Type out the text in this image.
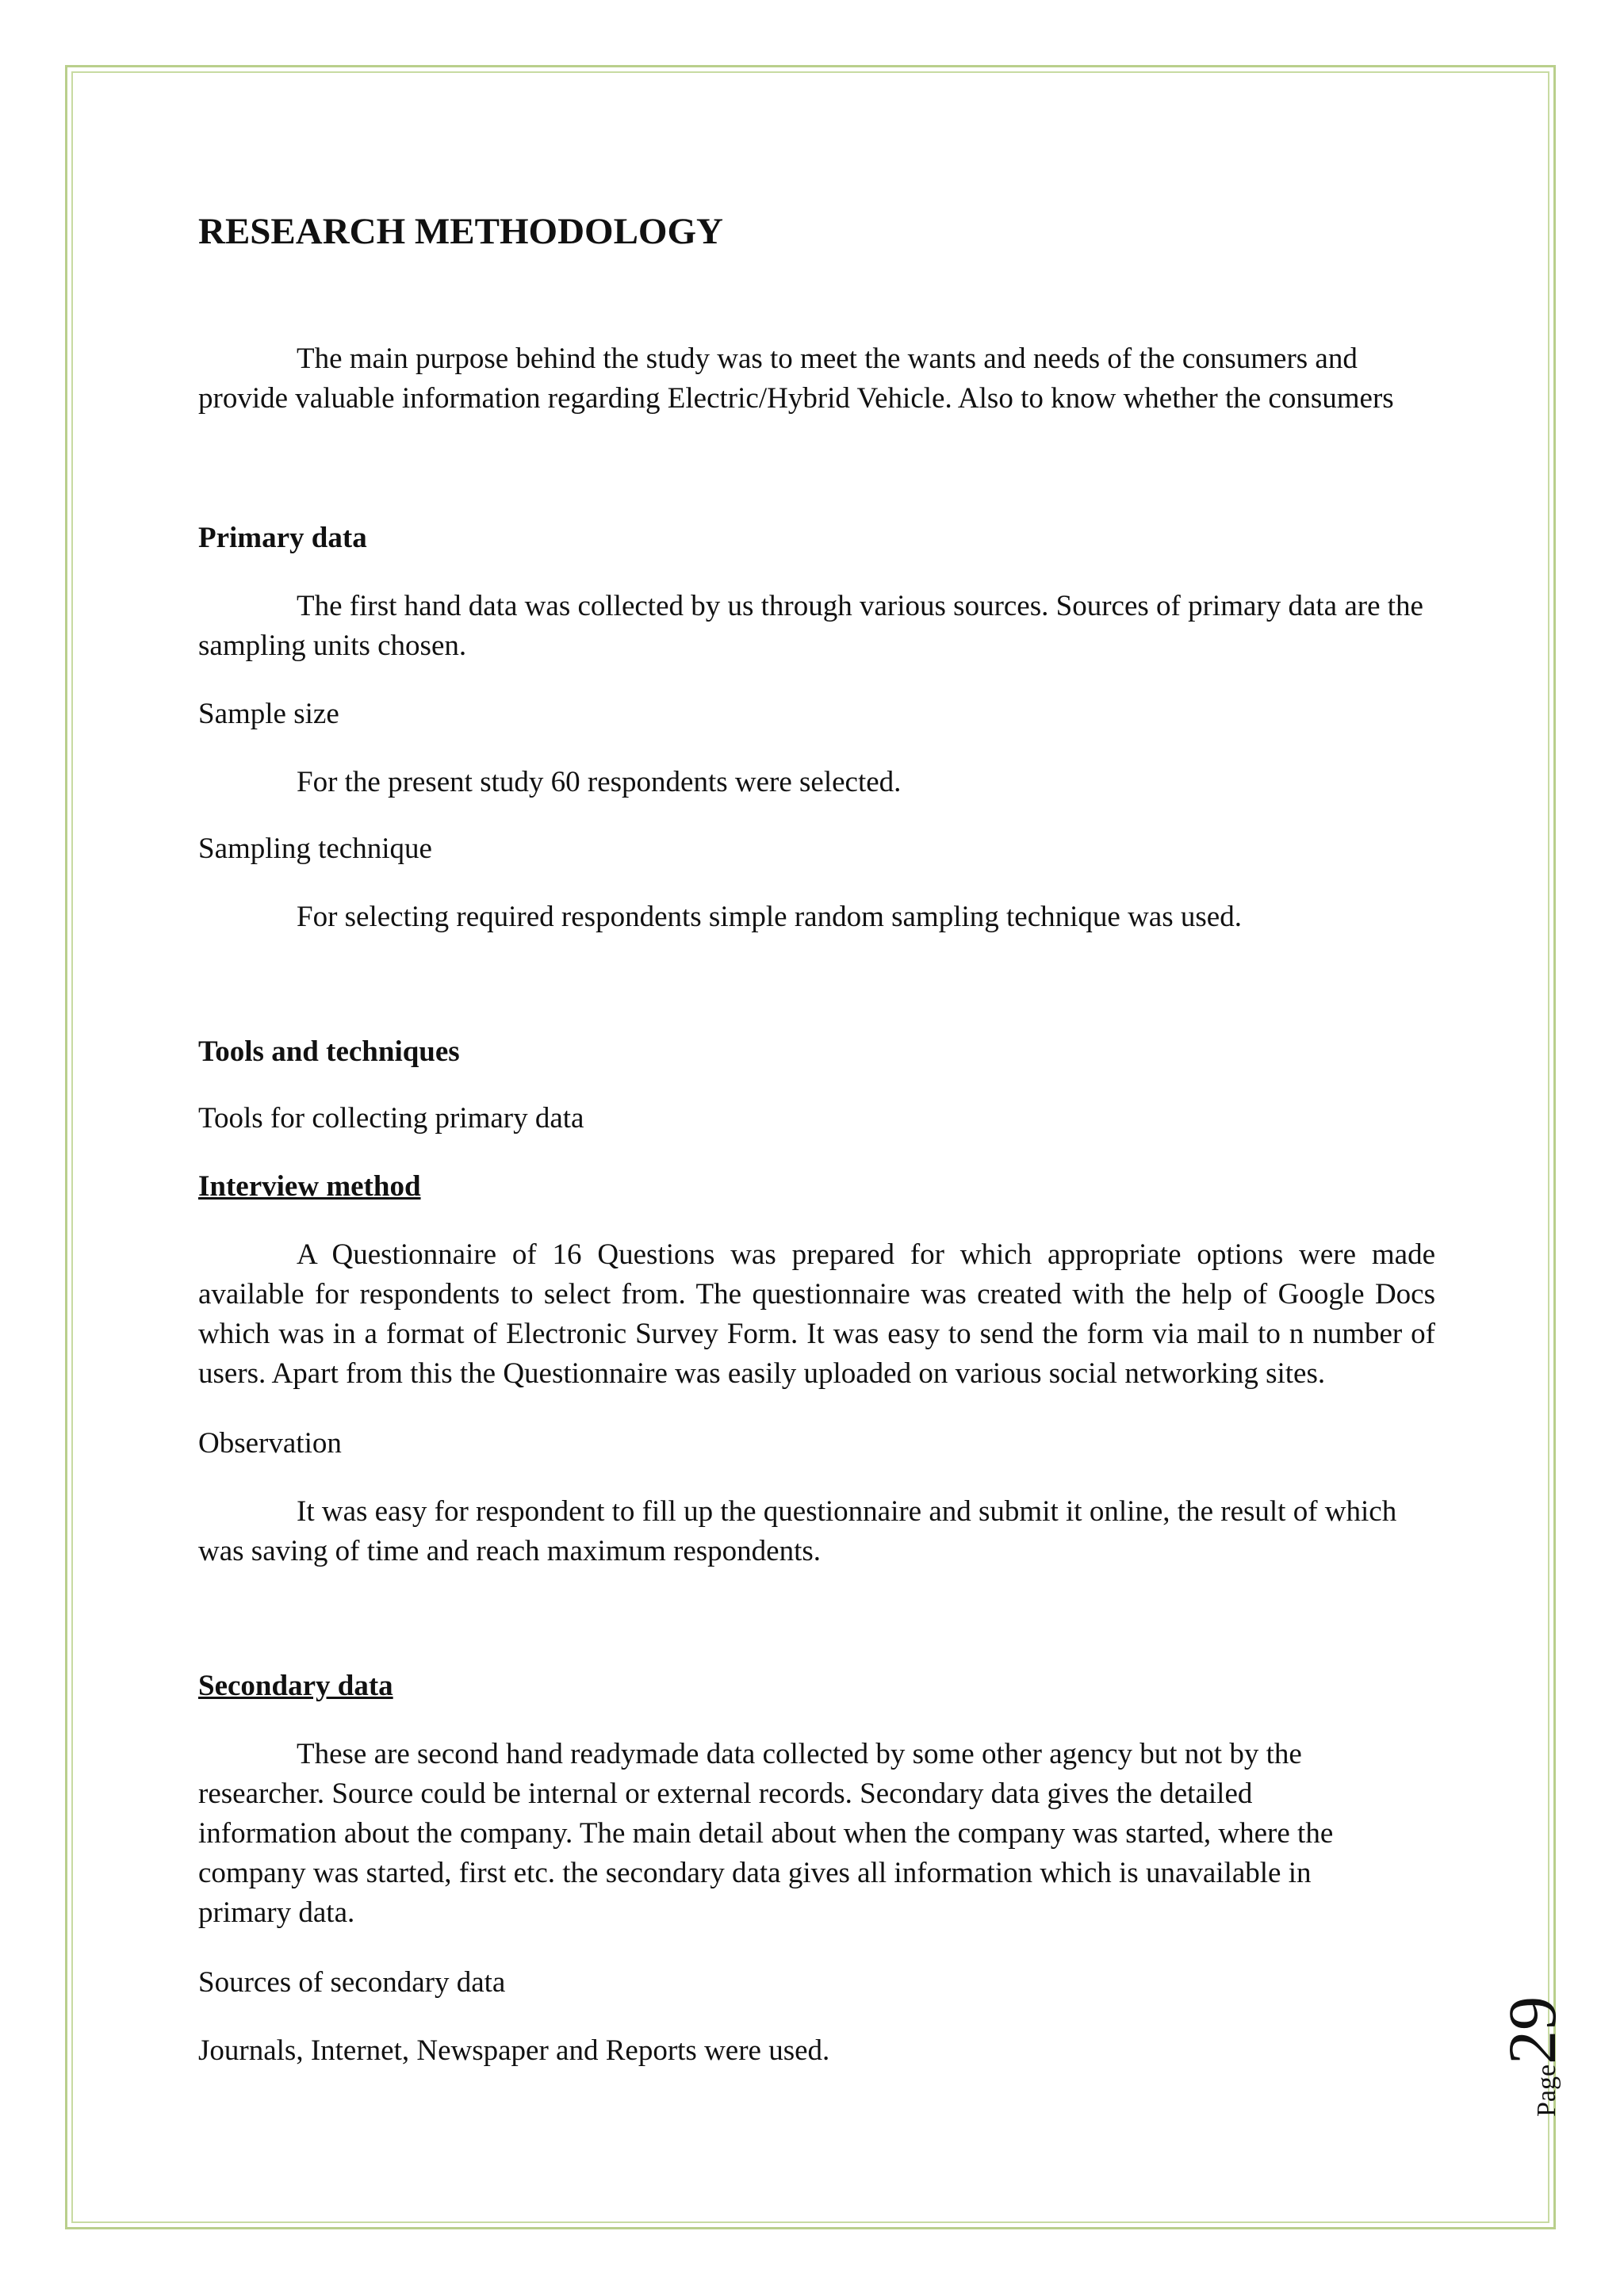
RESEARCH METHODOLOGY

The main purpose behind the study was to meet the wants and needs of the consumers and provide valuable information regarding Electric/Hybrid Vehicle. Also to know whether the consumers

Primary data

The first hand data was collected by us through various sources. Sources of primary data are the sampling units chosen.

Sample size

For the present study 60 respondents were selected.

Sampling technique

For selecting required respondents simple random sampling technique was used.

Tools and techniques

Tools for collecting primary data

Interview method

A Questionnaire of 16 Questions was prepared for which appropriate options were made available for respondents to select from. The questionnaire was created with the help of Google Docs which was in a format of Electronic Survey Form. It was easy to send the form via mail to n number of users. Apart from this the Questionnaire was easily uploaded on various social networking sites.

Observation

It was easy for respondent to fill up the questionnaire and submit it online, the result of which was saving of time and reach maximum respondents.

Secondary data

These are second hand readymade data collected by some other agency but not by the researcher. Source could be internal or external records. Secondary data gives the detailed information about the company. The main detail about when the company was started, where the company was started, first etc. the secondary data gives all information which is unavailable in primary data.

Sources of secondary data

Journals, Internet, Newspaper and Reports were used.

Page29
